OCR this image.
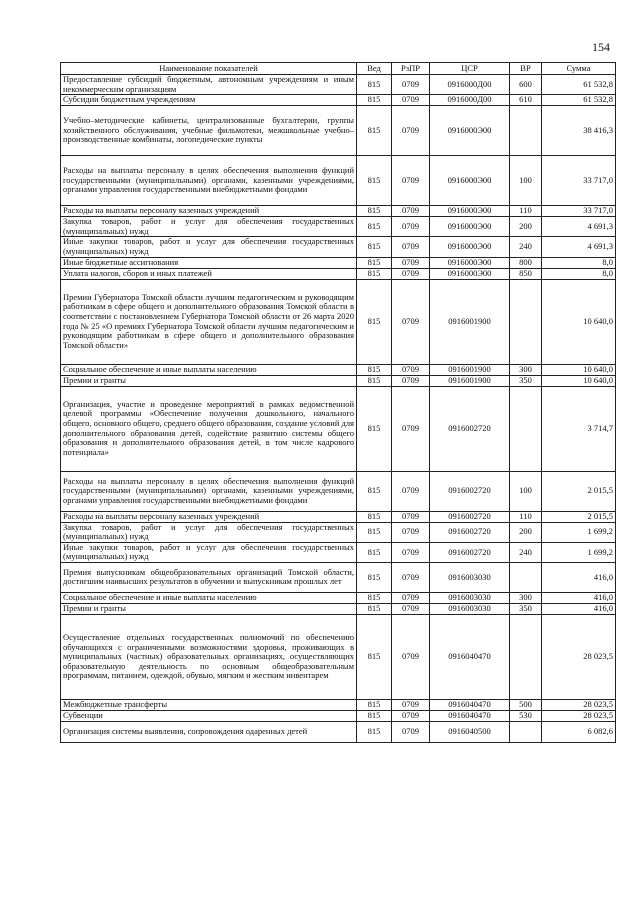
154
Наименование показателей	Вед	РзПР	ЦСР	ВР	Сумма
Предоставление субсидий бюджетным, автономным учреждениям и иным некоммерческим организациям	815	0709	0916000Д00	600	61 532,8
Субсидии бюджетным учреждениям	815	0709	0916000Д00	610	61 532,8
Учебно–методические кабинеты, централизованные бухгалтерии, группы хозяйственного обслуживания, учебные фильмотеки, межшкольные учебно–производственные комбинаты, логопедические пункты	815	0709	0916000Э00		38 416,3
Расходы на выплаты персоналу в целях обеспечения выполнения функций государственными (муниципальными) органами, казенными учреждениями, органами управления государственными внебюджетными фондами	815	0709	0916000Э00	100	33 717,0
Расходы на выплаты персоналу казенных учреждений	815	0709	0916000Э00	110	33 717,0
Закупка товаров, работ и услуг для обеспечения государственных (муниципальных) нужд	815	0709	0916000Э00	200	4 691,3
Иные закупки товаров, работ и услуг для обеспечения государственных (муниципальных) нужд	815	0709	0916000Э00	240	4 691,3
Иные бюджетные ассигнования	815	0709	0916000Э00	800	8,0
Уплата налогов, сборов и иных платежей	815	0709	0916000Э00	850	8,0
Премии Губернатора Томской области лучшим педагогическим и руководящим работникам в сфере общего и дополнительного образования Томской области в соответствии с постановлением Губернатора Томской области от 26 марта 2020 года № 25 «О премиях Губернатора Томской области лучшим педагогическим и руководящим работникам в сфере общего и дополнительного образования Томской области»	815	0709	0916001900		10 640,0
Социальное обеспечение и иные выплаты населению	815	0709	0916001900	300	10 640,0
Премии и гранты	815	0709	0916001900	350	10 640,0
Организация, участие и проведение мероприятий в рамках ведомственной целевой программы «Обеспечение получения дошкольного, начального общего, основного общего, среднего общего образования, создание условий для дополнительного образования детей, содействие развитию системы общего образования и дополнительного образования детей, в том числе кадрового потенциала»	815	0709	0916002720		3 714,7
Расходы на выплаты персоналу в целях обеспечения выполнения функций государственными (муниципальными) органами, казенными учреждениями, органами управления государственными внебюджетными фондами	815	0709	0916002720	100	2 015,5
Расходы на выплаты персоналу казенных учреждений	815	0709	0916002720	110	2 015,5
Закупка товаров, работ и услуг для обеспечения государственных (муниципальных) нужд	815	0709	0916002720	200	1 699,2
Иные закупки товаров, работ и услуг для обеспечения государственных (муниципальных) нужд	815	0709	0916002720	240	1 699,2
Премия выпускникам общеобразовательных организаций Томской области, достигшим наивысших результатов в обучении и выпускникам прошлых лет	815	0709	0916003030		416,0
Социальное обеспечение и иные выплаты населению	815	0709	0916003030	300	416,0
Премии и гранты	815	0709	0916003030	350	416,0
Осуществление отдельных государственных полномочий по обеспечению обучающихся с ограниченными возможностями здоровья, проживающих в муниципальных (частных) образовательных организациях, осуществляющих образовательную деятельность по основным общеобразовательным программам, питанием, одеждой, обувью, мягким и жестким инвентарем	815	0709	0916040470		28 023,5
Межбюджетные трансферты	815	0709	0916040470	500	28 023,5
Субвенции	815	0709	0916040470	530	28 023,5
Организация системы выявления, сопровождения одаренных детей	815	0709	0916040500		6 082,6
